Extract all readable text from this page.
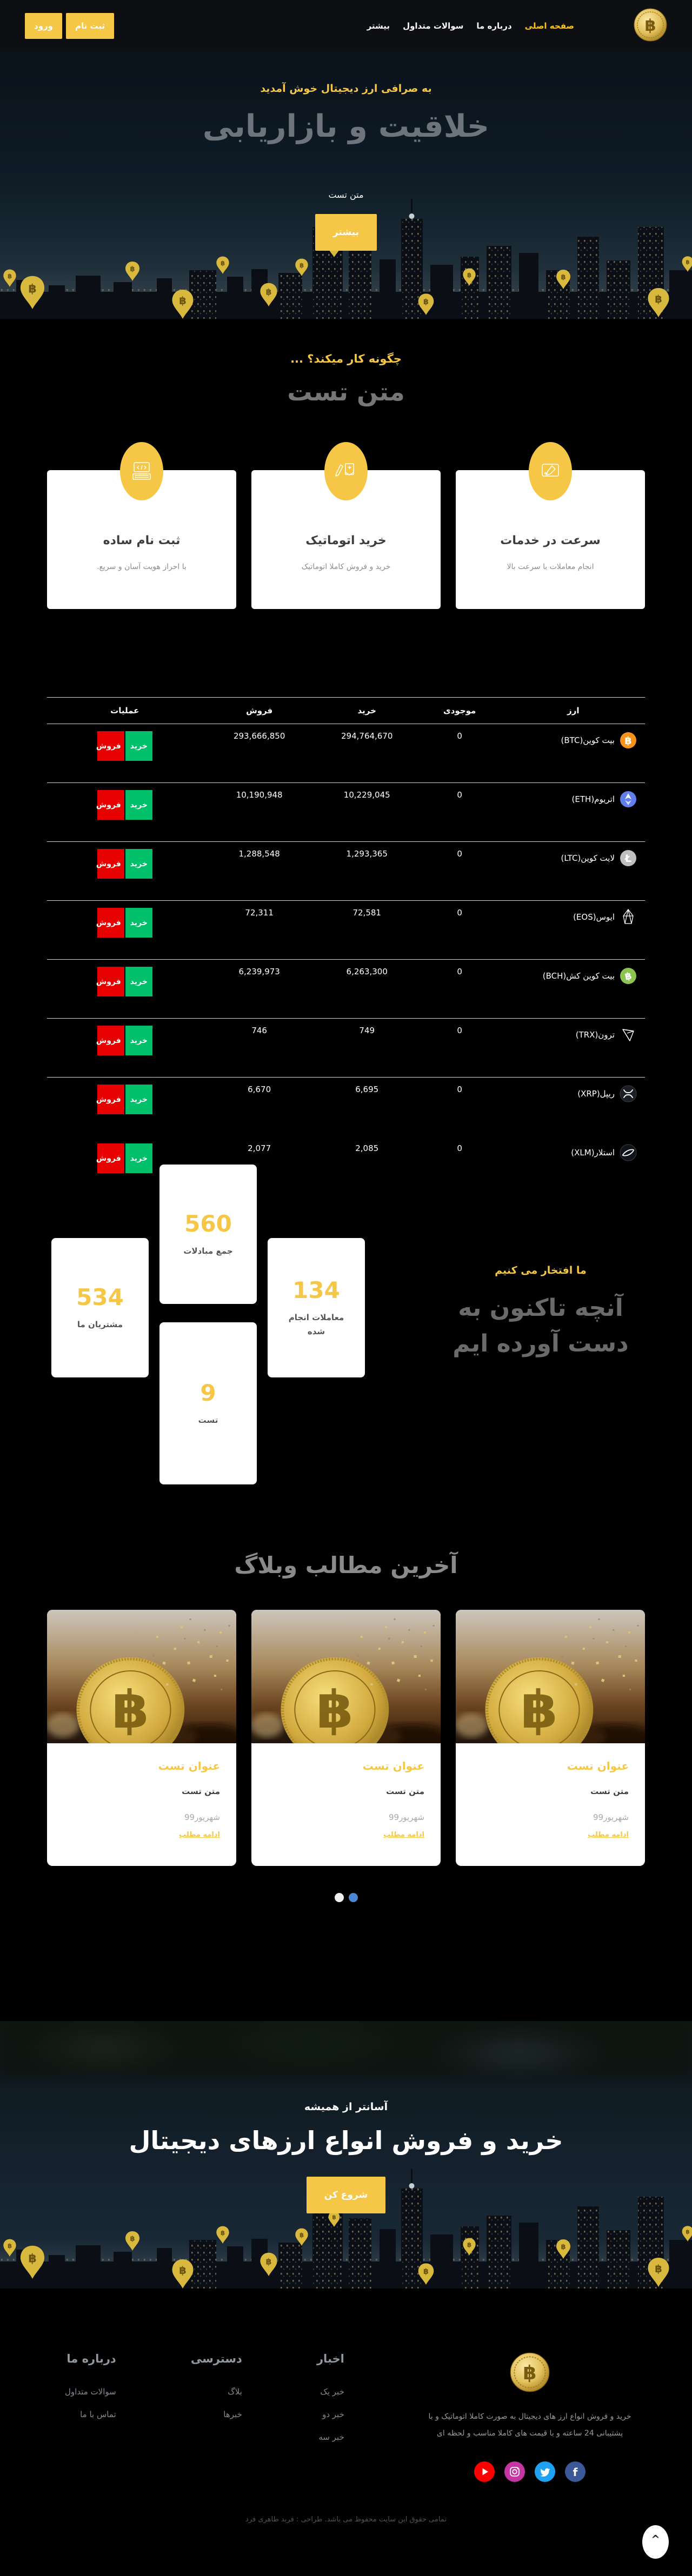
صفحه اصلی
درباره ما
سوالات متداول
بیشتر
ثبت نام
ورود
به صرافی ارز دیجیتال خوش آمدید
خلاقیت و بازاریابی
متن تست
بیشتر
چگونه کار میکند؟ ...
متن تست
سرعت در خدمات

انجام معاملات با سرعت بالا

خرید اتوماتیک

خرید و فروش کاملا اتوماتیک

ثبت نام ساده

با احراز هویت آسان و سریع.

ارز	موجودی	خرید	فروش	عملیات

฿
بیت کوین(BTC)	0	294,764,670	293,666,850	خرید
فروش

اتریوم(ETH)	0	10,229,045	10,190,948	خرید
فروش

Ł
لایت کوین(LTC)	0	1,293,365	1,288,548	خرید
فروش

ایوس(EOS)	0	72,581	72,311	خرید
فروش

฿
بیت کوین کش(BCH)	0	6,263,300	6,239,973	خرید
فروش

ترون(TRX)	0	749	746	خرید
فروش

ریپل(XRP)	0	6,695	6,670	خرید
فروش

استلار(XLM)	0	2,085	2,077	خرید
فروش
ما افتخار می کنیم
آنچه تاکنون به دست آورده ایم
560
جمع مبادلات
534
مشتریان ما
134
معاملات انجام شده
9
تست
آخرین مطالب وبلاگ
عنوان تست
متن تست
شهریور99
ادامه مطلب
عنوان تست
متن تست
شهریور99
ادامه مطلب
عنوان تست
متن تست
شهریور99
ادامه مطلب
آسانتر از همیشه
خرید و فروش انواع ارزهای دیجیتال
شروع کن

خرید و فروش انواع ارز های دیجیتال به صورت کاملا اتوماتیک و با پشتیبانی 24 ساعته و با قیمت های کاملا مناسب و لحظه ای

f
اخبار
خبر یک
خبر دو
خبر سه
دسترسی
بلاگ
خبرها
درباره ما
سوالات متداول
تماس با ما
تمامی حقوق این سایت محفوظ می باشد. طراحی : فربد طاهری فرد
^
